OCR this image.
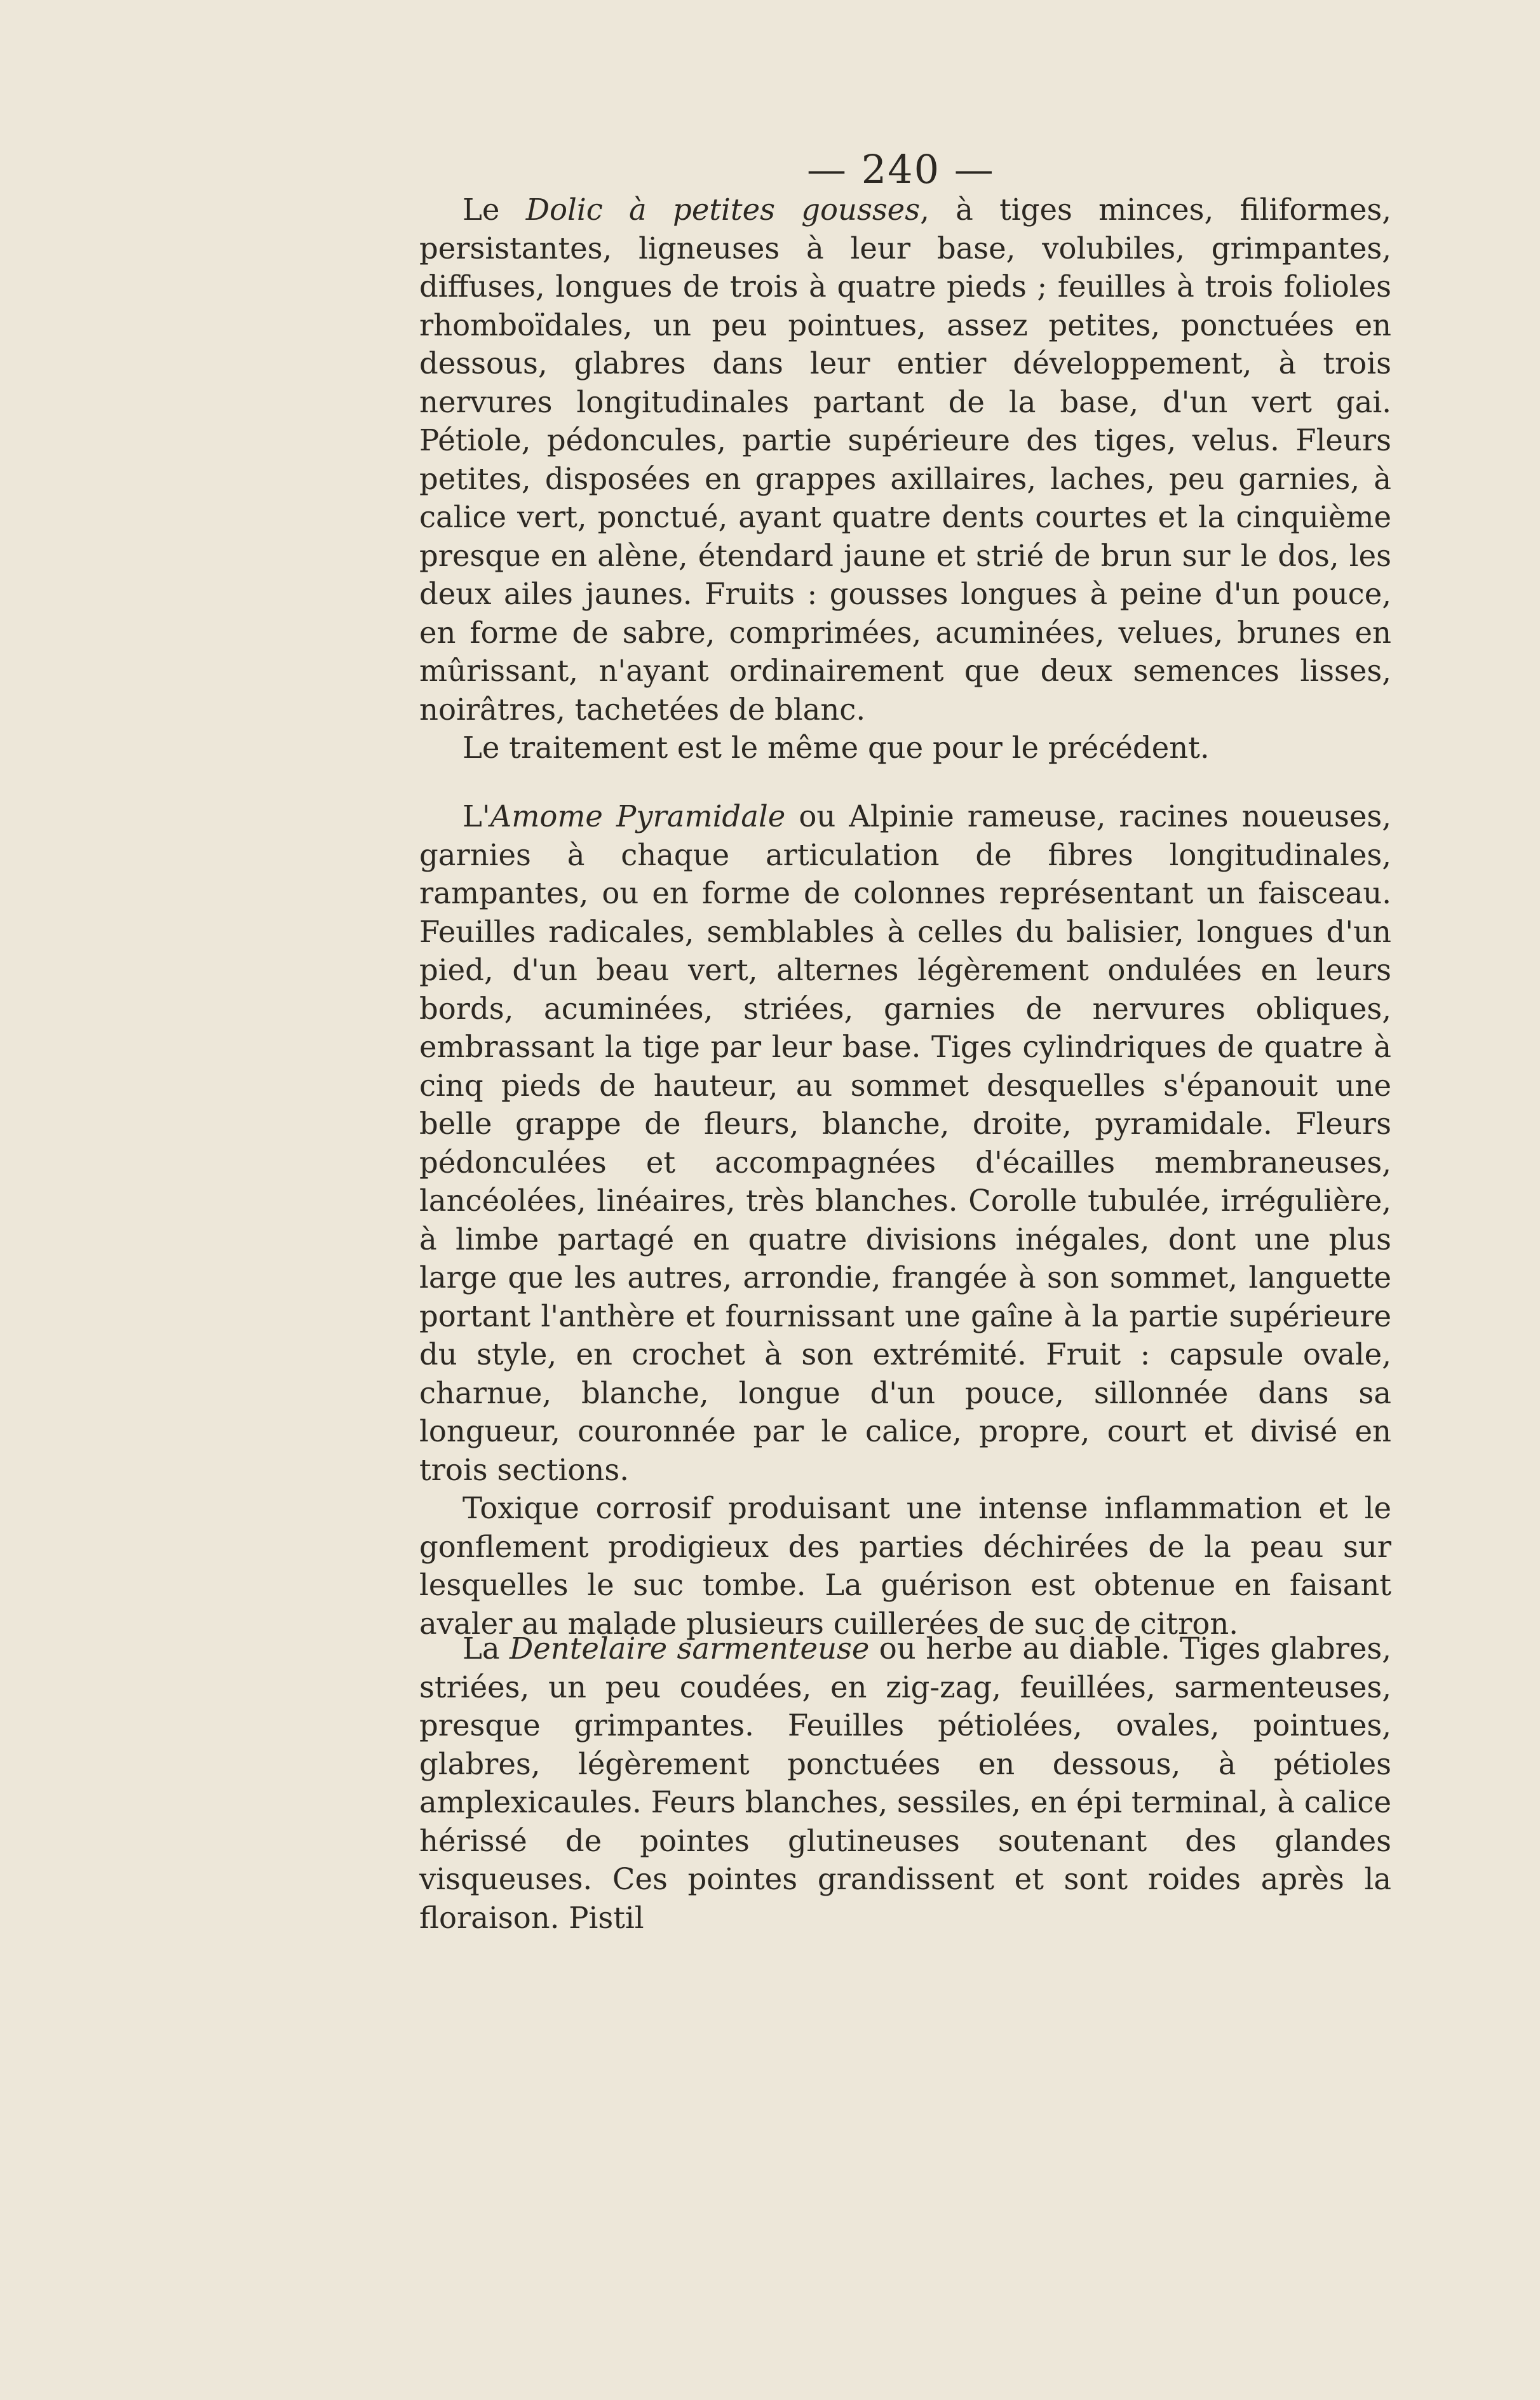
— 240 —

Le Dolic à petites gousses, à tiges minces, filiformes, persistantes, ligneuses à leur base, volubiles, grimpantes, diffuses, longues de trois à quatre pieds ; feuilles à trois folioles rhomboïdales, un peu pointues, assez petites, ponctuées en dessous, glabres dans leur entier développement, à trois nervures longitudinales partant de la base, d'un vert gai. Pétiole, pédoncules, partie supérieure des tiges, velus. Fleurs petites, disposées en grappes axillaires, laches, peu garnies, à calice vert, ponctué, ayant quatre dents courtes et la cinquième presque en alène, étendard jaune et strié de brun sur le dos, les deux ailes jaunes. Fruits : gousses longues à peine d'un pouce, en forme de sabre, comprimées, acuminées, velues, brunes en mûrissant, n'ayant ordinairement que deux semences lisses, noirâtres, tachetées de blanc.

Le traitement est le même que pour le précédent.

L'Amome Pyramidale ou Alpinie rameuse, racines noueuses, garnies à chaque articulation de fibres longitudinales, rampantes, ou en forme de colonnes représentant un faisceau. Feuilles radicales, semblables à celles du balisier, longues d'un pied, d'un beau vert, alternes légèrement ondulées en leurs bords, acuminées, striées, garnies de nervures obliques, embrassant la tige par leur base. Tiges cylindriques de quatre à cinq pieds de hauteur, au sommet desquelles s'épanouit une belle grappe de fleurs, blanche, droite, pyramidale. Fleurs pédonculées et accompagnées d'écailles membraneuses, lancéolées, linéaires, très blanches. Corolle tubulée, irrégulière, à limbe partagé en quatre divisions inégales, dont une plus large que les autres, arrondie, frangée à son sommet, languette portant l'anthère et fournissant une gaîne à la partie supérieure du style, en crochet à son extrémité. Fruit : capsule ovale, charnue, blanche, longue d'un pouce, sillonnée dans sa longueur, couronnée par le calice, propre, court et divisé en trois sections.

Toxique corrosif produisant une intense inflammation et le gonflement prodigieux des parties déchirées de la peau sur lesquelles le suc tombe. La guérison est obtenue en faisant avaler au malade plusieurs cuillerées de suc de citron.

La Dentelaire sarmenteuse ou herbe au diable. Tiges glabres, striées, un peu coudées, en zig-zag, feuillées, sarmenteuses, presque grimpantes. Feuilles pétiolées, ovales, pointues, glabres, légèrement ponctuées en dessous, à pétioles amplexicaules. Feurs blanches, sessiles, en épi terminal, à calice hérissé de pointes glutineuses soutenant des glandes visqueuses. Ces pointes grandissent et sont roides après la floraison. Pistil
